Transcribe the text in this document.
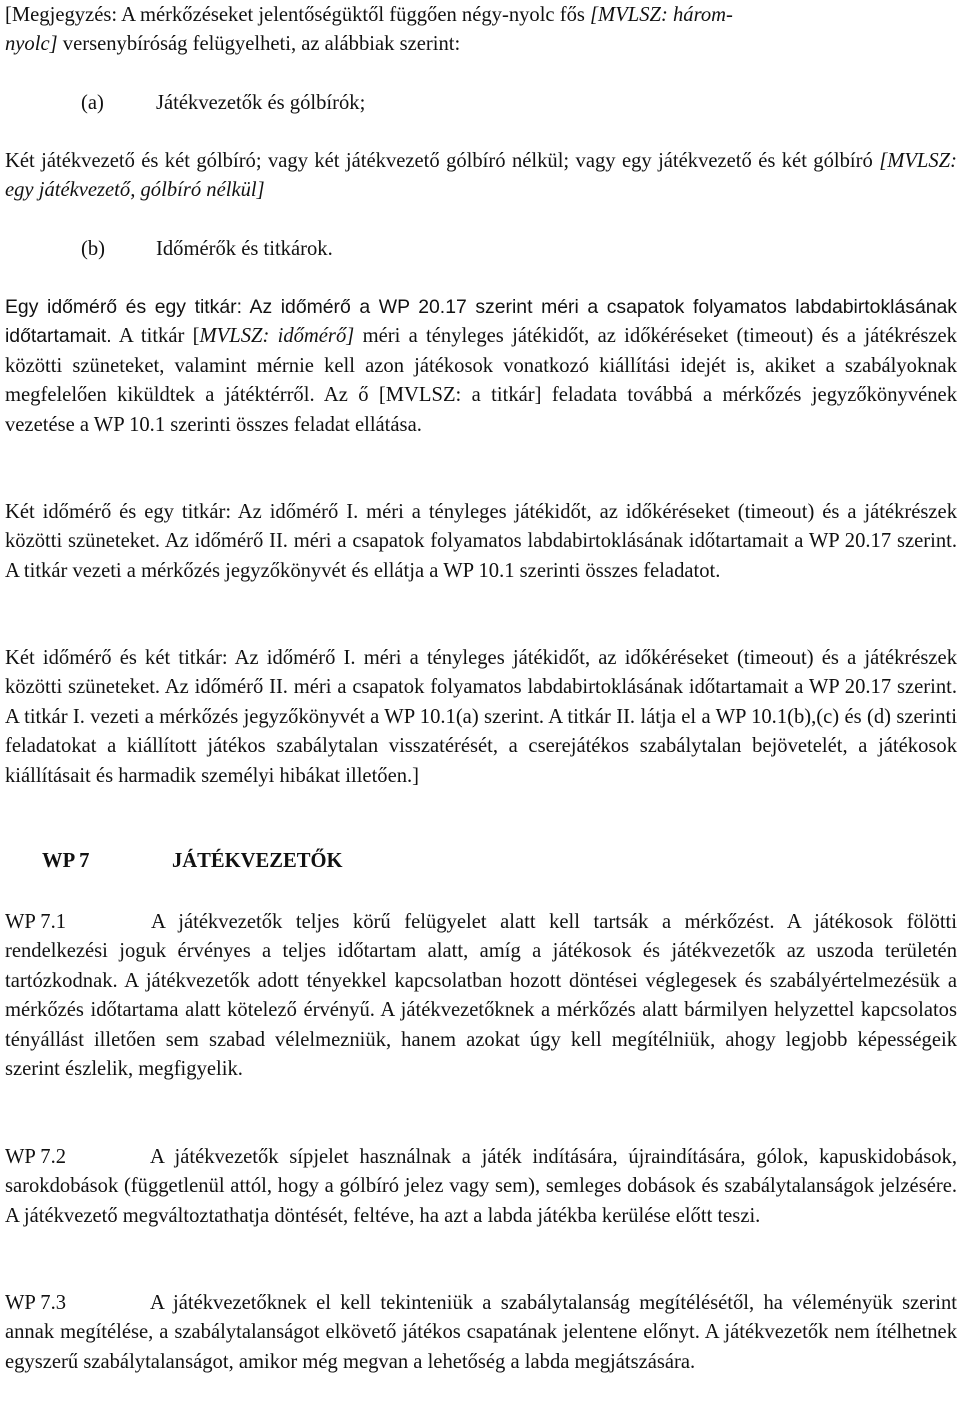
[Megjegyzés: A mérkőzéseket jelentőségüktől függően négy-nyolc fős [MVLSZ: három-
nyolc] versenybíróság felügyelheti, az alábbiak szerint:

(a)	Játékvezetők és gólbírók;

Két játékvezető és két gólbíró; vagy két játékvezető gólbíró nélkül; vagy egy játékvezető és két gólbíró [MVLSZ: egy játékvezető, gólbíró nélkül]

(b) Időmérők és titkárok.

Egy időmérő és egy titkár: Az időmérő a WP 20.17 szerint méri a csapatok folyamatos labdabirtoklásának időtartamait. A titkár [MVLSZ: időmérő] méri a tényleges játékidőt, az időkéréseket (timeout) és a játékrészek közötti szüneteket, valamint mérnie kell azon játékosok vonatkozó kiállítási idejét is, akiket a szabályoknak megfelelően kiküldtek a játéktérről. Az ő [MVLSZ: a titkár] feladata továbbá a mérkőzés jegyzőkönyvének vezetése a WP 10.1 szerinti összes feladat ellátása.

Két időmérő és egy titkár: Az időmérő I. méri a tényleges játékidőt, az időkéréseket (timeout) és a játékrészek közötti szüneteket. Az időmérő II. méri a csapatok folyamatos labdabirtoklásának időtartamait a WP 20.17 szerint. A titkár vezeti a mérkőzés jegyzőkönyvét és ellátja a WP 10.1 szerinti összes feladatot.

Két időmérő és két titkár: Az időmérő I. méri a tényleges játékidőt, az időkéréseket (timeout) és a játékrészek közötti szüneteket. Az időmérő II. méri a csapatok folyamatos labdabirtoklásának időtartamait a WP 20.17 szerint. A titkár I. vezeti a mérkőzés jegyzőkönyvét a WP 10.1(a) szerint. A titkár II. látja el a WP 10.1(b),(c) és (d) szerinti feladatokat a kiállított játékos szabálytalan visszatérését, a cserejátékos szabálytalan bejövetelét, a játékosok kiállításait és harmadik személyi hibákat illetően.]

WP 7	JÁTÉKVEZETŐK

WP 7.1	A játékvezetők teljes körű felügyelet alatt kell tartsák a mérkőzést. A játékosok fölötti rendelkezési joguk érvényes a teljes időtartam alatt, amíg a játékosok és játékvezetők az uszoda területén tartózkodnak. A játékvezetők adott tényekkel kapcsolatban hozott döntései véglegesek és szabályértelmezésük a mérkőzés időtartama alatt kötelező érvényű. A játékvezetőknek a mérkőzés alatt bármilyen helyzettel kapcsolatos tényállást illetően sem szabad vélelmezniük, hanem azokat úgy kell megítélniük, ahogy legjobb képességeik szerint észlelik, megfigyelik.

WP 7.2	A játékvezetők sípjelet használnak a játék indítására, újraindítására, gólok, kapuskidobások, sarokdobások (függetlenül attól, hogy a gólbíró jelez vagy sem), semleges dobások és szabálytalanságok jelzésére. A játékvezető megváltoztathatja döntését, feltéve, ha azt a labda játékba kerülése előtt teszi.

WP 7.3	A játékvezetőknek el kell tekinteniük a szabálytalanság megítélésétől, ha véleményük szerint annak megítélése, a szabálytalanságot elkövető játékos csapatának jelentene előnyt. A játékvezetők nem ítélhetnek egyszerű szabálytalanságot, amikor még megvan a lehetőség a labda megjátszására.
